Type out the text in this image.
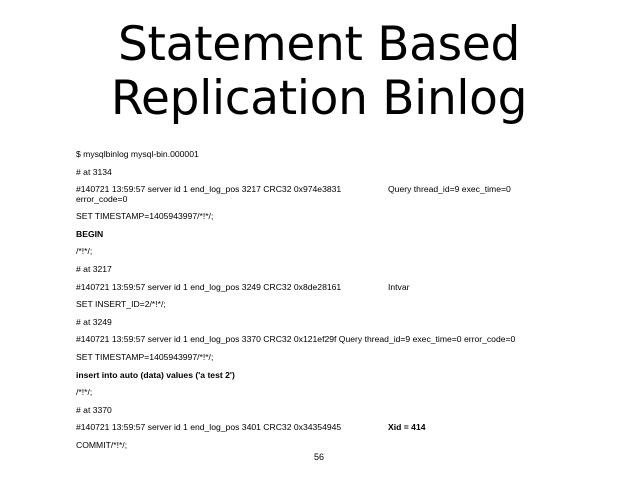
Statement Based
Replication Binlog
$ mysqlbinlog mysql-bin.000001
# at 3134
#140721 13:59:57 server id 1 end_log_pos 3217 CRC32 0x974e3831	Query thread_id=9 exec_time=0
error_code=0
SET TIMESTAMP=1405943997/*!*/;
BEGIN
/*!*/;
# at 3217
#140721 13:59:57 server id 1 end_log_pos 3249 CRC32 0x8de28161	Intvar
SET INSERT_ID=2/*!*/;
# at 3249
#140721 13:59:57 server id 1 end_log_pos 3370 CRC32 0x121ef29f Query thread_id=9 exec_time=0 error_code=0
SET TIMESTAMP=1405943997/*!*/;
insert into auto (data) values ('a test 2')
/*!*/;
# at 3370
#140721 13:59:57 server id 1 end_log_pos 3401 CRC32 0x34354945	Xid = 414
COMMIT/*!*/;
56
